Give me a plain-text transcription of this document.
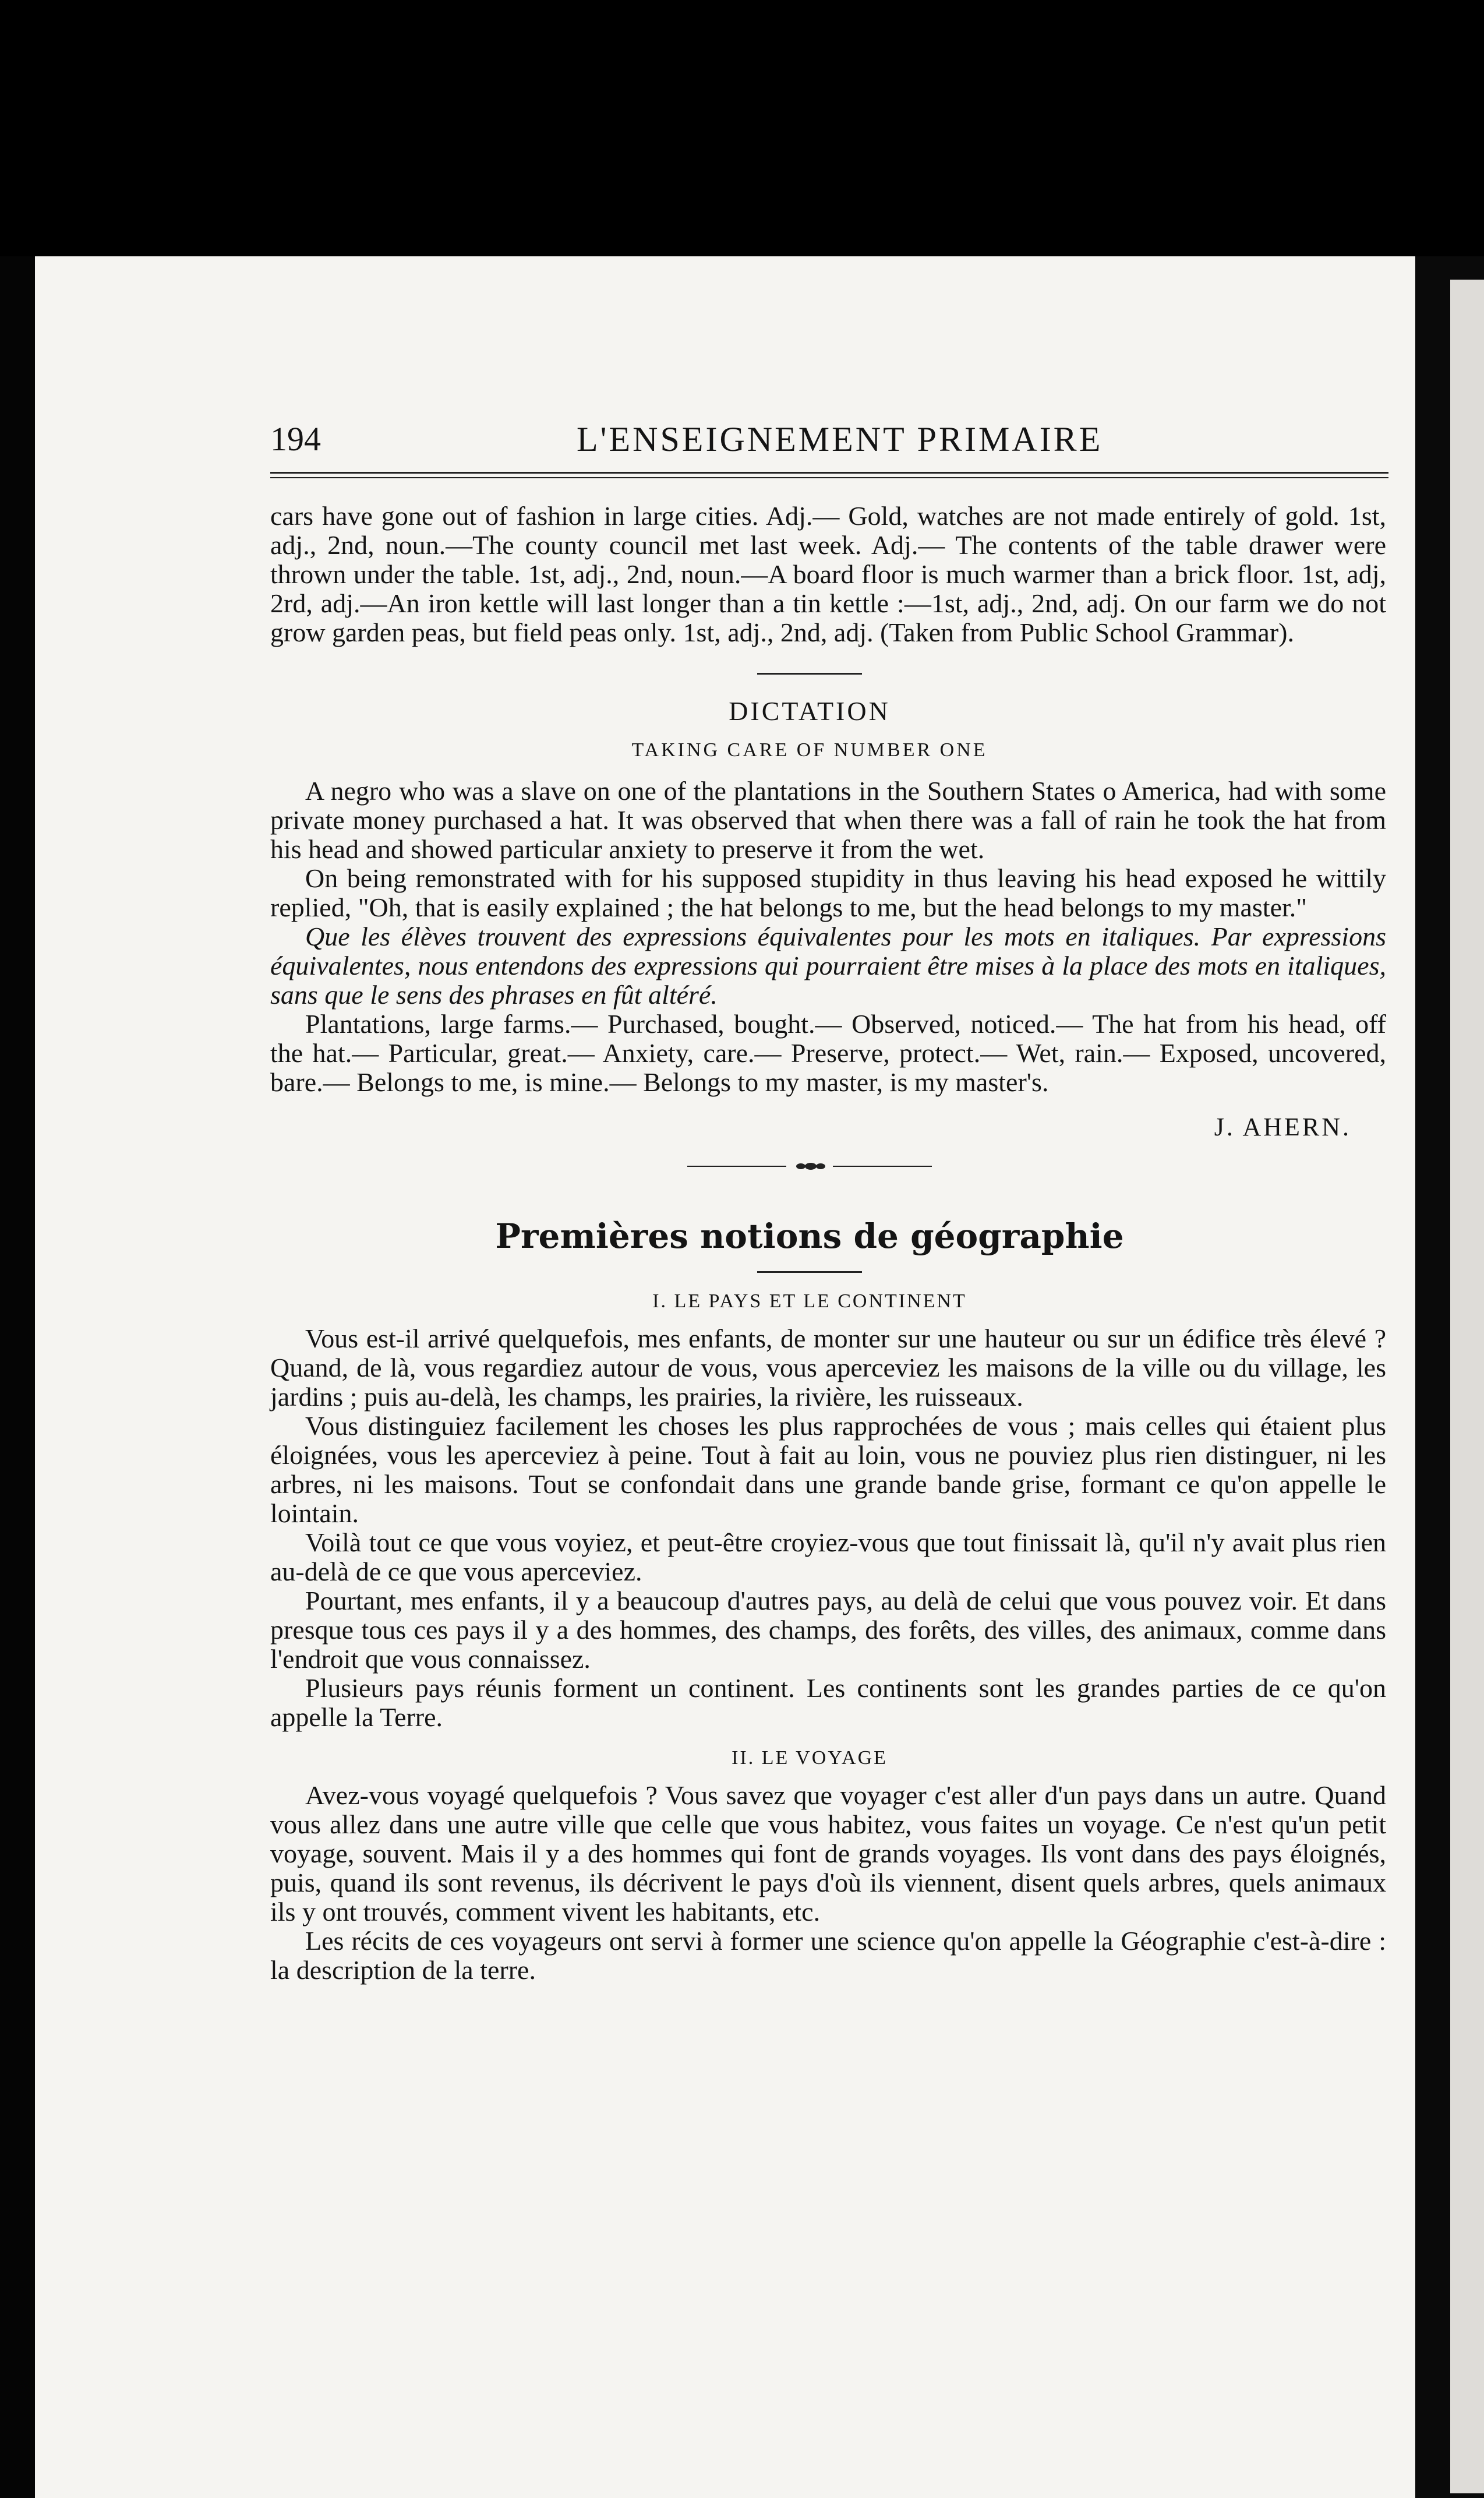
194	L'ENSEIGNEMENT PRIMAIRE

cars have gone out of fashion in large cities. Adj.— Gold, watches are not made entirely of gold. 1st, adj., 2nd, noun.—The county council met last week. Adj.— The contents of the table drawer were thrown under the table. 1st, adj., 2nd, noun.—A board floor is much warmer than a brick floor. 1st, adj, 2rd, adj.—An iron kettle will last longer than a tin kettle :—1st, adj., 2nd, adj. On our farm we do not grow garden peas, but field peas only. 1st, adj., 2nd, adj. (Taken from Public School Grammar).

DICTATION
TAKING CARE OF NUMBER ONE

A negro who was a slave on one of the plantations in the Southern States o America, had with some private money purchased a hat. It was observed that when there was a fall of rain he took the hat from his head and showed particular anxiety to preserve it from the wet.

On being remonstrated with for his supposed stupidity in thus leaving his head exposed he wittily replied, "Oh, that is easily explained ; the hat belongs to me, but the head belongs to my master."

Que les élèves trouvent des expressions équivalentes pour les mots en italiques. Par expressions équivalentes, nous entendons des expressions qui pourraient être mises à la place des mots en italiques, sans que le sens des phrases en fût altéré.

Plantations, large farms.— Purchased, bought.— Observed, noticed.— The hat from his head, off the hat.— Particular, great.— Anxiety, care.— Preserve, protect.— Wet, rain.— Exposed, uncovered, bare.— Belongs to me, is mine.— Belongs to my master, is my master's.

J. AHERN.
Premières notions de géographie
I. LE PAYS ET LE CONTINENT

Vous est-il arrivé quelquefois, mes enfants, de monter sur une hauteur ou sur un édifice très élevé ? Quand, de là, vous regardiez autour de vous, vous aperceviez les maisons de la ville ou du village, les jardins ; puis au-delà, les champs, les prairies, la rivière, les ruisseaux.

Vous distinguiez facilement les choses les plus rapprochées de vous ; mais celles qui étaient plus éloignées, vous les aperceviez à peine. Tout à fait au loin, vous ne pouviez plus rien distinguer, ni les arbres, ni les maisons. Tout se confondait dans une grande bande grise, formant ce qu'on appelle le lointain.

Voilà tout ce que vous voyiez, et peut-être croyiez-vous que tout finissait là, qu'il n'y avait plus rien au-delà de ce que vous aperceviez.

Pourtant, mes enfants, il y a beaucoup d'autres pays, au delà de celui que vous pouvez voir. Et dans presque tous ces pays il y a des hommes, des champs, des forêts, des villes, des animaux, comme dans l'endroit que vous connaissez.

Plusieurs pays réunis forment un continent. Les continents sont les grandes parties de ce qu'on appelle la Terre.

II. LE VOYAGE

Avez-vous voyagé quelquefois ? Vous savez que voyager c'est aller d'un pays dans un autre. Quand vous allez dans une autre ville que celle que vous habitez, vous faites un voyage. Ce n'est qu'un petit voyage, souvent. Mais il y a des hommes qui font de grands voyages. Ils vont dans des pays éloignés, puis, quand ils sont revenus, ils décrivent le pays d'où ils viennent, disent quels arbres, quels animaux ils y ont trouvés, comment vivent les habitants, etc.

Les récits de ces voyageurs ont servi à former une science qu'on appelle la Géographie c'est-à-dire : la description de la terre.
